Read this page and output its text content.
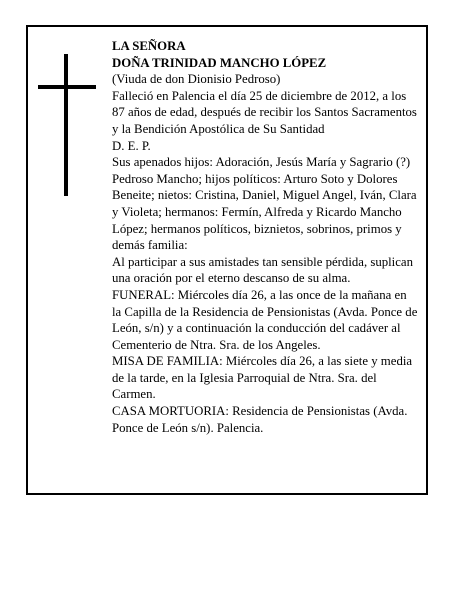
LA SEÑORA

DOÑA TRINIDAD MANCHO LÓPEZ

(Viuda de don Dionisio Pedroso)

Falleció en Palencia el día 25 de diciembre de 2012, a los 87 años de edad, después de recibir los Santos Sacramentos y la Bendición Apostólica de Su Santidad

D. E. P.

Sus apenados hijos: Adoración, Jesús María y Sagrario (?) Pedroso Mancho; hijos políticos: Arturo Soto y Dolores Beneite; nietos: Cristina, Daniel, Miguel Angel, Iván, Clara y Violeta; hermanos: Fermín, Alfreda y Ricardo Mancho López; hermanos políticos, biznietos, sobrinos, primos y demás familia:

Al participar a sus amistades tan sensible pérdida, suplican una oración por el eterno descanso de su alma.

FUNERAL: Miércoles día 26, a las once de la mañana en la Capilla de la Residencia de Pensionistas (Avda. Ponce de León, s/n) y a continuación la conducción del cadáver al Cementerio de Ntra. Sra. de los Angeles.

MISA DE FAMILIA: Miércoles día 26, a las siete y media de la tarde, en la Iglesia Parroquial de Ntra. Sra. del Carmen.

CASA MORTUORIA: Residencia de Pensionistas (Avda. Ponce de León s/n). Palencia.
